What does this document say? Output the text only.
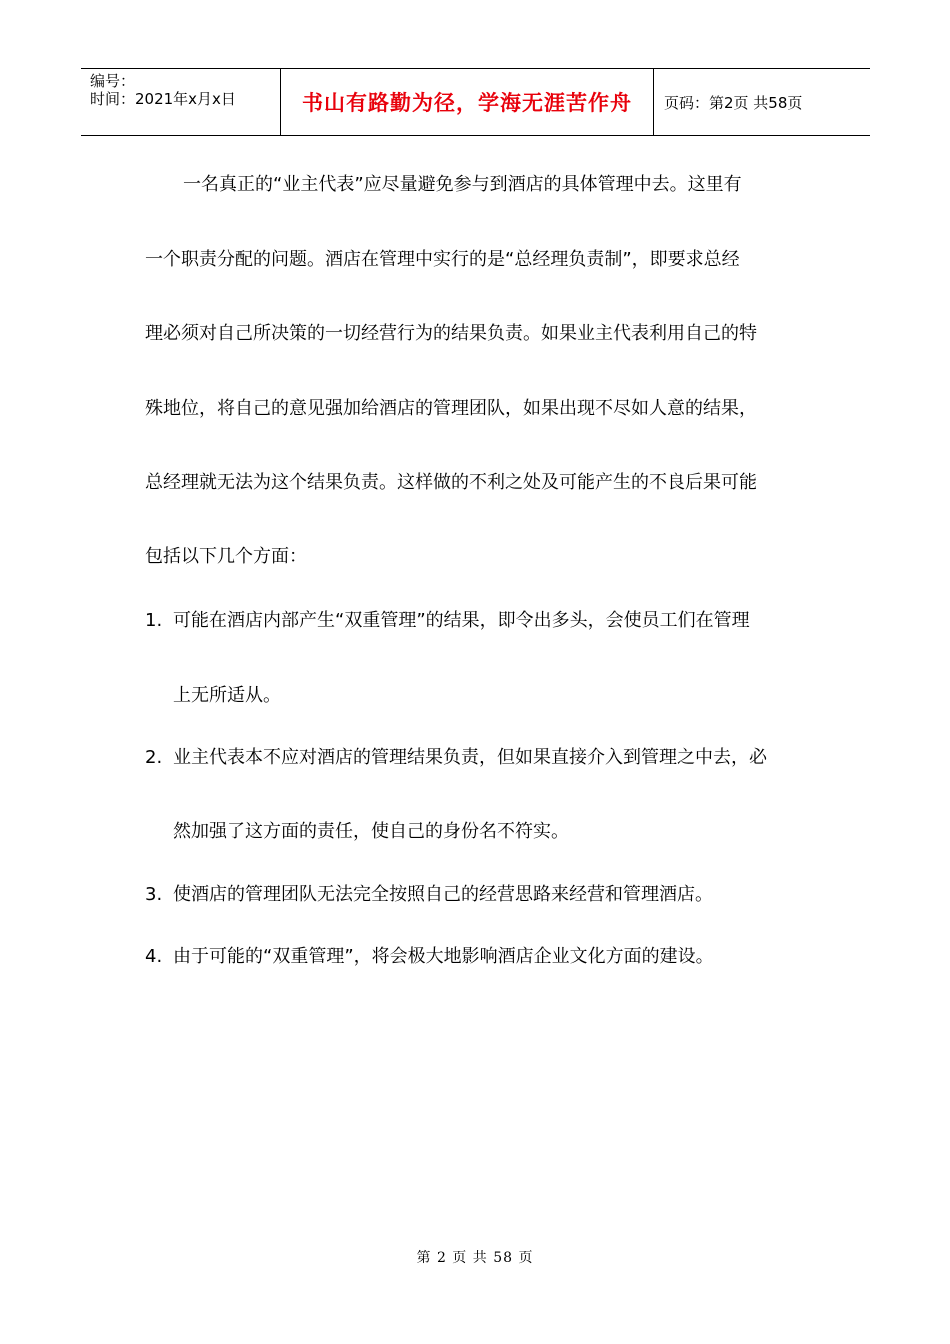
编号：
时间：2021年x月x日	书山有路勤为径，学海无涯苦作舟	页码：第2页 共58页
一名真正的“业主代表”应尽量避免参与到酒店的具体管理中去。这里有
一个职责分配的问题。酒店在管理中实行的是“总经理负责制”，即要求总经
理必须对自己所决策的一切经营行为的结果负责。如果业主代表利用自己的特
殊地位，将自己的意见强加给酒店的管理团队，如果出现不尽如人意的结果，
总经理就无法为这个结果负责。这样做的不利之处及可能产生的不良后果可能
包括以下几个方面：
1. 可能在酒店内部产生“双重管理”的结果，即令出多头，会使员工们在管理
上无所适从。
2. 业主代表本不应对酒店的管理结果负责，但如果直接介入到管理之中去，必
然加强了这方面的责任，使自己的身份名不符实。
3. 使酒店的管理团队无法完全按照自己的经营思路来经营和管理酒店。
4. 由于可能的“双重管理”，将会极大地影响酒店企业文化方面的建设。
第 2 页 共 58 页
